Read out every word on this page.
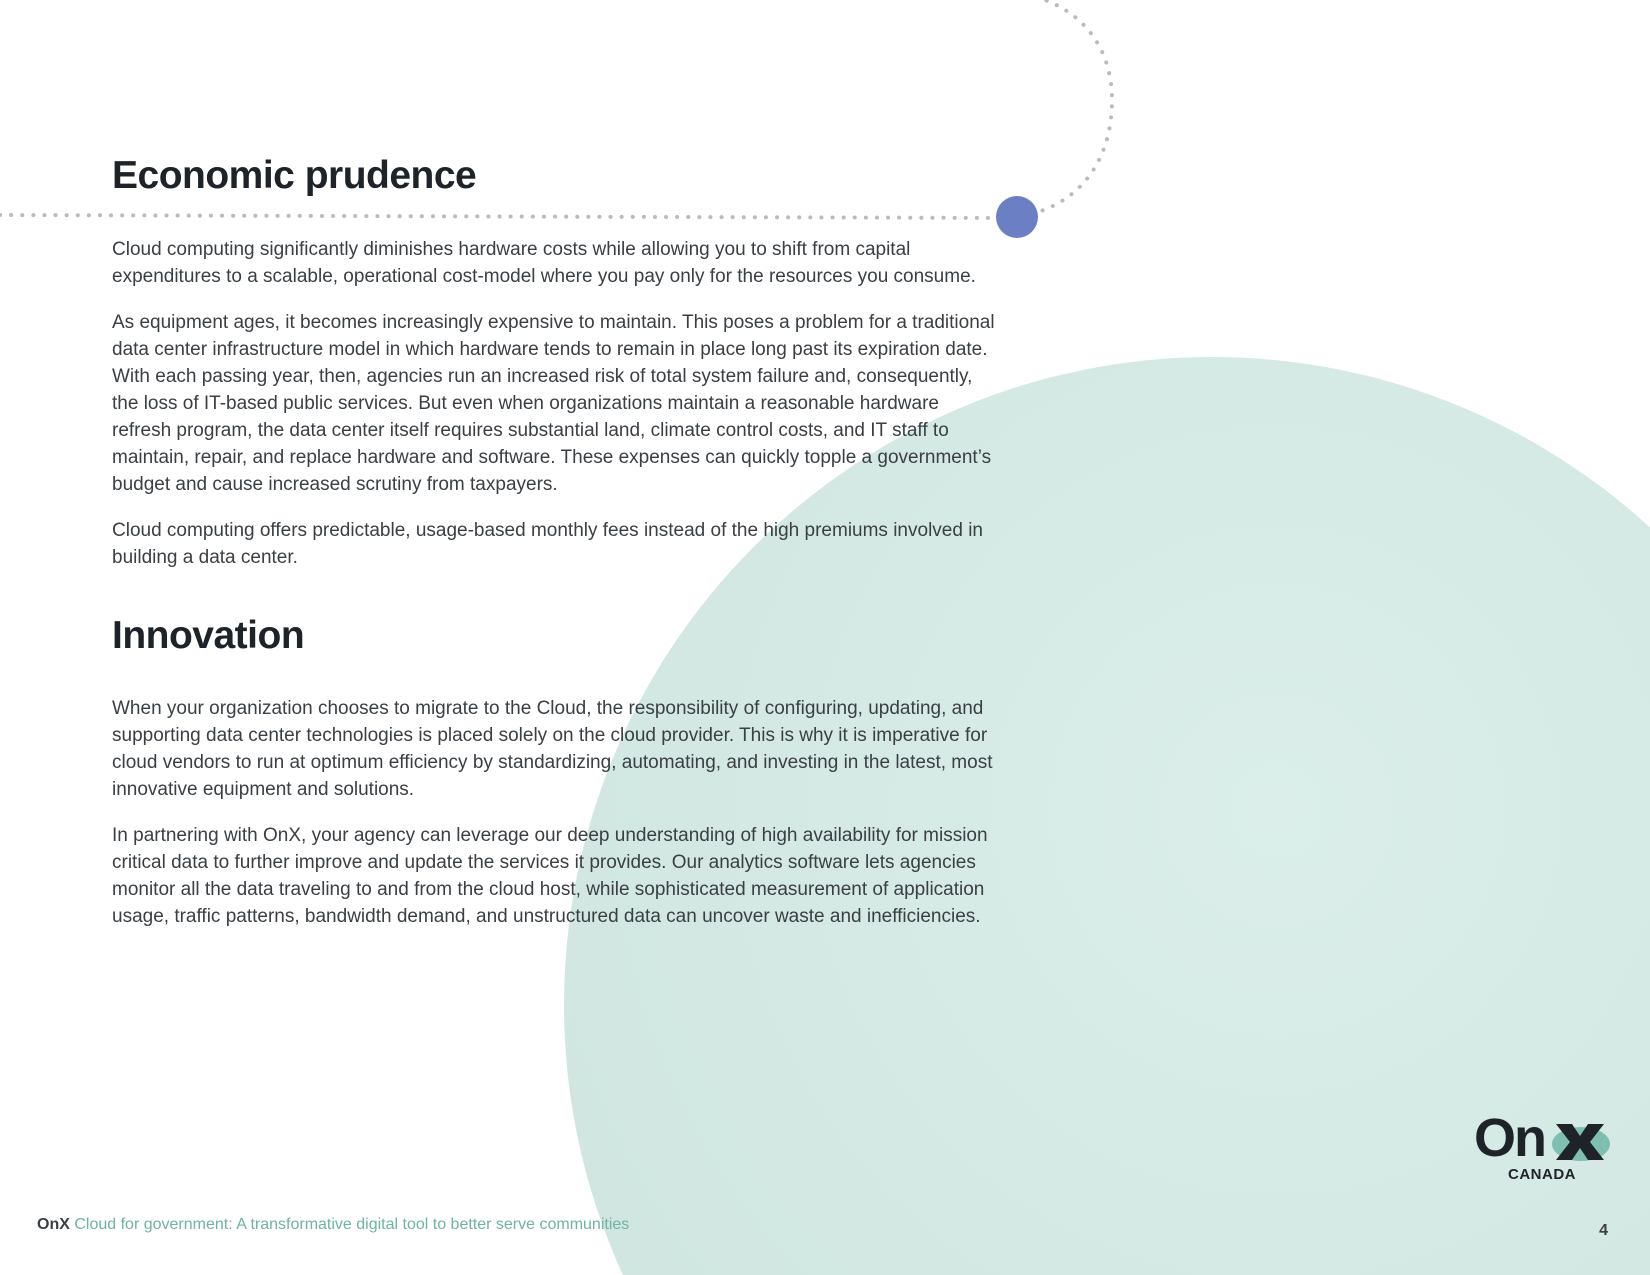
Economic prudence

Cloud computing significantly diminishes hardware costs while allowing you to shift from capital expenditures to a scalable, operational cost-model where you pay only for the resources you consume.

As equipment ages, it becomes increasingly expensive to maintain. This poses a problem for a traditional data center infrastructure model in which hardware tends to remain in place long past its expiration date. With each passing year, then, agencies run an increased risk of total system failure and, consequently, the loss of IT-based public services. But even when organizations maintain a reasonable hardware refresh program, the data center itself requires substantial land, climate control costs, and IT staff to maintain, repair, and replace hardware and software. These expenses can quickly topple a government’s budget and cause increased scrutiny from taxpayers.

Cloud computing offers predictable, usage-based monthly fees instead of the high premiums involved in building a data center.

Innovation

When your organization chooses to migrate to the Cloud, the responsibility of configuring, updating, and supporting data center technologies is placed solely on the cloud provider. This is why it is imperative for cloud vendors to run at optimum efficiency by standardizing, automating, and investing in the latest, most innovative equipment and solutions.

In partnering with OnX, your agency can leverage our deep understanding of high availability for mission critical data to further improve and update the services it provides. Our analytics software lets agencies monitor all the data traveling to and from the cloud host, while sophisticated measurement of application usage, traffic patterns, bandwidth demand, and unstructured data can uncover waste and inefficiencies.

On
CANADA
OnX Cloud for government: A transformative digital tool to better serve communities	4
